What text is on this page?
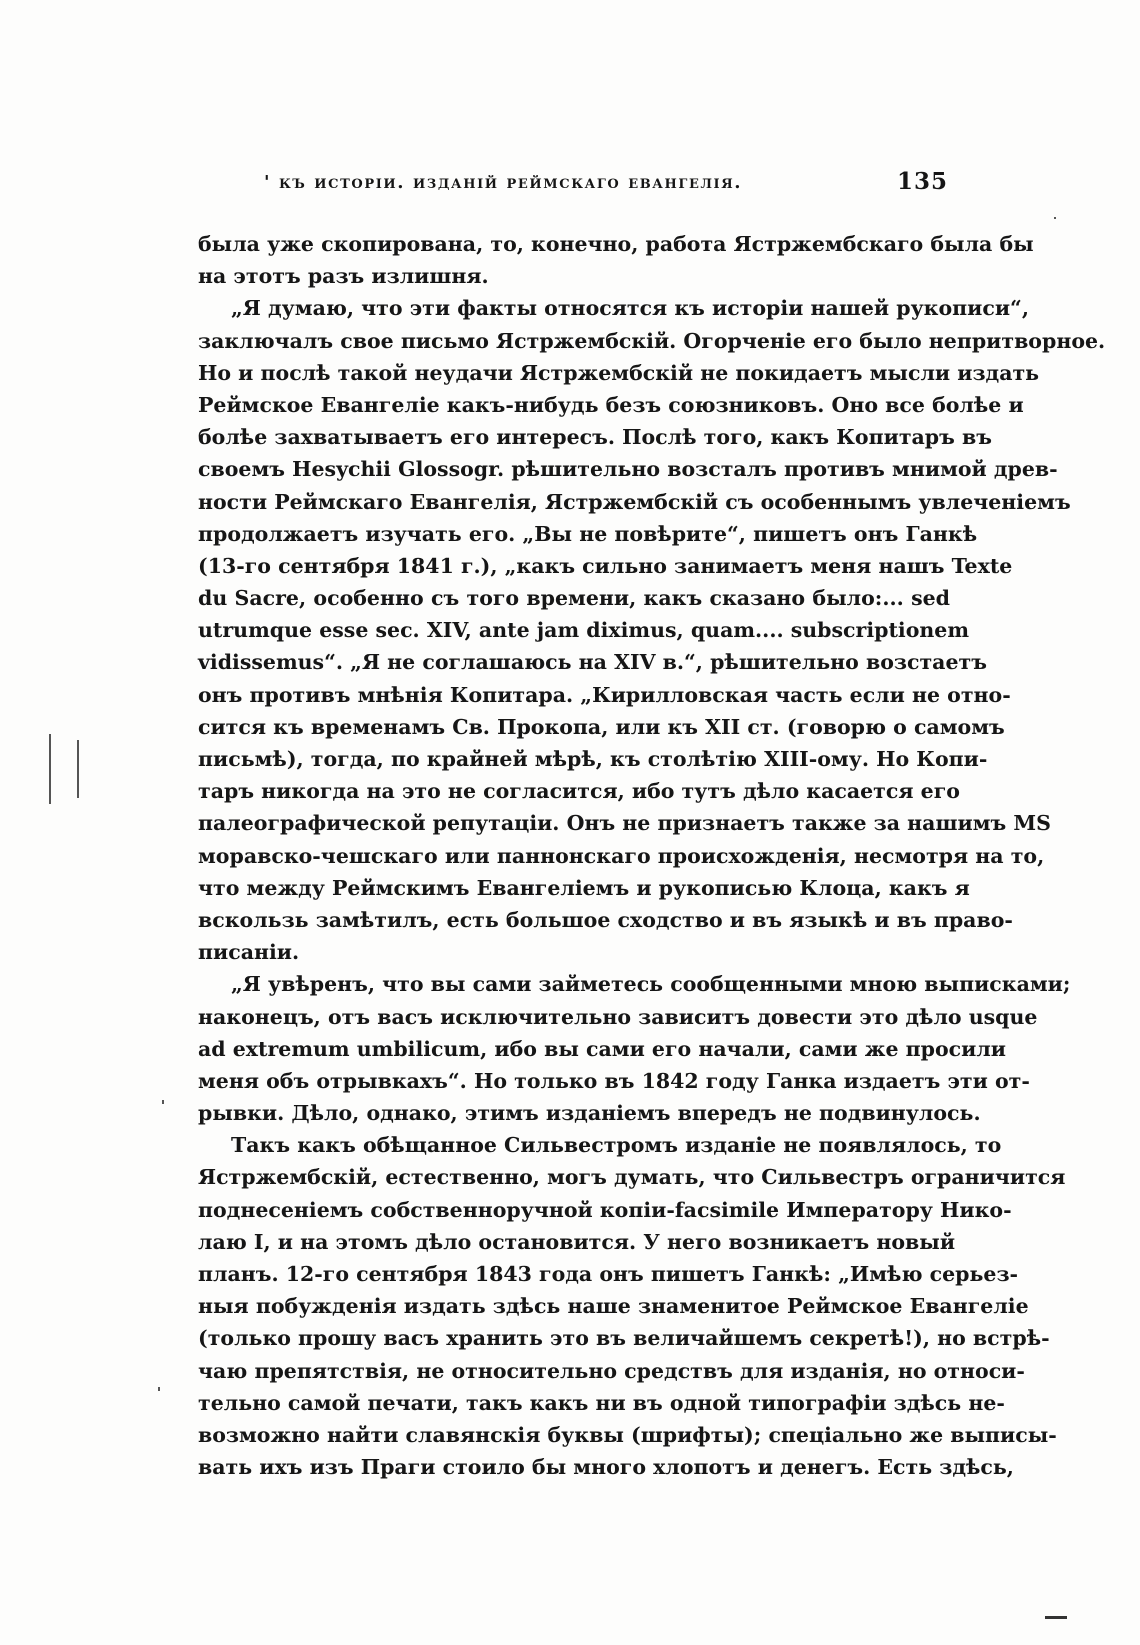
' къ исторіи. изданій реймскаго евангелія.	135
была уже скопирована, то, конечно, работа Ястржембскаго была бы
на этотъ разъ излишня.
„Я думаю, что эти факты относятся къ исторіи нашей рукописи“,
заключалъ свое письмо Ястржембскій. Огорченіе его было непритворное.
Но и послѣ такой неудачи Ястржембскій не покидаетъ мысли издать
Реймское Евангеліе какъ-нибудь безъ союзниковъ. Оно все болѣе и
болѣе захватываетъ его интересъ. Послѣ того, какъ Копитаръ въ
своемъ Hesychii Glossogr. рѣшительно возсталъ противъ мнимой древ-
ности Реймскаго Евангелія, Ястржембскій съ особеннымъ увлеченіемъ
продолжаетъ изучать его. „Вы не повѣрите“, пишетъ онъ Ганкѣ
(13-го сентября 1841 г.), „какъ сильно занимаетъ меня нашъ Texte
du Sacre, особенно съ того времени, какъ сказано было:... sed
utrumque esse sec. XIV, ante jam diximus, quam.... subscriptionem
vidissemus“. „Я не соглашаюсь на XIV в.“, рѣшительно возстаетъ
онъ противъ мнѣнія Копитара. „Кирилловская часть если не отно-
сится къ временамъ Св. Прокопа, или къ XII ст. (говорю о самомъ
письмѣ), тогда, по крайней мѣрѣ, къ столѣтію XIII-ому. Но Копи-
таръ никогда на это не согласится, ибо тутъ дѣло касается его
палеографической репутаціи. Онъ не признаетъ также за нашимъ MS
моравско-чешскаго или паннонскаго происхожденія, несмотря на то,
что между Реймскимъ Евангеліемъ и рукописью Клоца, какъ я
вскользь замѣтилъ, есть большое сходство и въ языкѣ и въ право-
писаніи.
„Я увѣренъ, что вы сами займетесь сообщенными мною выписками;
наконецъ, отъ васъ исключительно зависитъ довести это дѣло usque
ad extremum umbilicum, ибо вы сами его начали, сами же просили
меня объ отрывкахъ“. Но только въ 1842 году Ганка издаетъ эти от-
рывки. Дѣло, однако, этимъ изданіемъ впередъ не подвинулось.
Такъ какъ обѣщанное Сильвестромъ изданіе не появлялось, то
Ястржембскій, естественно, могъ думать, что Сильвестръ ограничится
поднесеніемъ собственноручной копіи-facsimile Императору Нико-
лаю I, и на этомъ дѣло остановится. У него возникаетъ новый
планъ. 12-го сентября 1843 года онъ пишетъ Ганкѣ: „Имѣю серьез-
ныя побужденія издать здѣсь наше знаменитое Реймское Евангеліе
(только прошу васъ хранить это въ величайшемъ секретѣ!), но встрѣ-
чаю препятствія, не относительно средствъ для изданія, но относи-
тельно самой печати, такъ какъ ни въ одной типографіи здѣсь не-
возможно найти славянскія буквы (шрифты); спеціально же выписы-
вать ихъ изъ Праги стоило бы много хлопотъ и денегъ. Есть здѣсь,
